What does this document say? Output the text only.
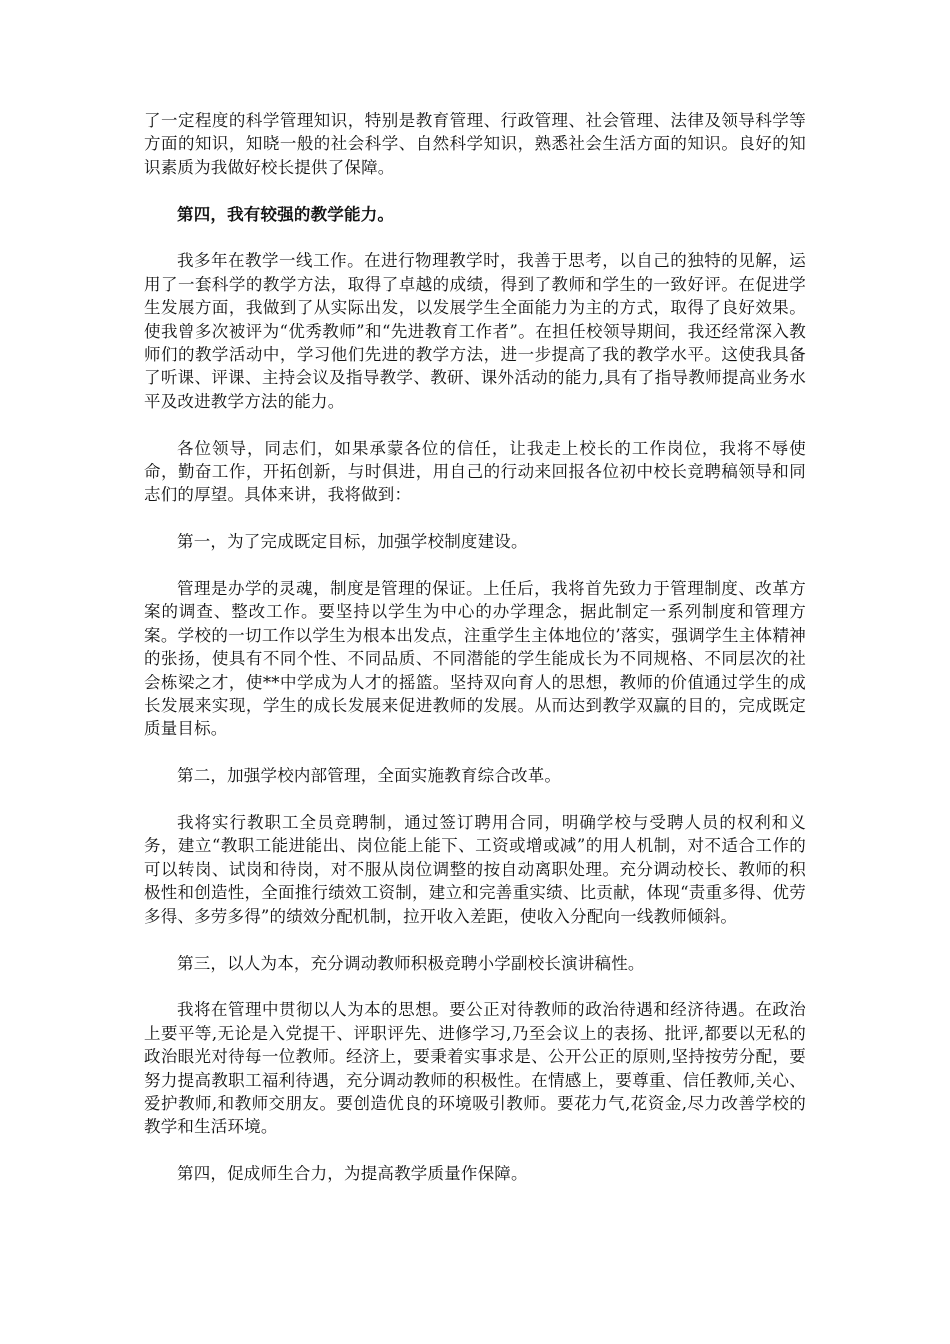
了一定程度的科学管理知识，特别是教育管理、行政管理、社会管理、法律及领导科学等方面的知识，知晓一般的社会科学、自然科学知识，熟悉社会生活方面的知识。良好的知识素质为我做好校长提供了保障。

第四，我有较强的教学能力。

我多年在教学一线工作。在进行物理教学时，我善于思考，以自己的独特的见解，运用了一套科学的教学方法，取得了卓越的成绩，得到了教师和学生的一致好评。在促进学生发展方面，我做到了从实际出发，以发展学生全面能力为主的方式，取得了良好效果。使我曾多次被评为“优秀教师”和“先进教育工作者”。在担任校领导期间，我还经常深入教师们的教学活动中，学习他们先进的教学方法，进一步提高了我的教学水平。这使我具备了听课、评课、主持会议及指导教学、教研、课外活动的能力,具有了指导教师提高业务水平及改进教学方法的能力。

各位领导，同志们，如果承蒙各位的信任，让我走上校长的工作岗位，我将不辱使命，勤奋工作，开拓创新，与时俱进，用自己的行动来回报各位初中校长竞聘稿领导和同志们的厚望。具体来讲，我将做到：

第一，为了完成既定目标，加强学校制度建设。

管理是办学的灵魂，制度是管理的保证。上任后，我将首先致力于管理制度、改革方案的调查、整改工作。要坚持以学生为中心的办学理念，据此制定一系列制度和管理方案。学校的一切工作以学生为根本出发点，注重学生主体地位的’落实，强调学生主体精神的张扬，使具有不同个性、不同品质、不同潜能的学生能成长为不同规格、不同层次的社会栋梁之才，使**中学成为人才的摇篮。坚持双向育人的思想，教师的价值通过学生的成长发展来实现，学生的成长发展来促进教师的发展。从而达到教学双赢的目的，完成既定质量目标。

第二，加强学校内部管理，全面实施教育综合改革。

我将实行教职工全员竞聘制，通过签订聘用合同，明确学校与受聘人员的权利和义务，建立“教职工能进能出、岗位能上能下、工资或增或减”的用人机制，对不适合工作的可以转岗、试岗和待岗，对不服从岗位调整的按自动离职处理。充分调动校长、教师的积极性和创造性，全面推行绩效工资制，建立和完善重实绩、比贡献，体现“责重多得、优劳多得、多劳多得”的绩效分配机制，拉开收入差距，使收入分配向一线教师倾斜。

第三，以人为本，充分调动教师积极竞聘小学副校长演讲稿性。

我将在管理中贯彻以人为本的思想。要公正对待教师的政治待遇和经济待遇。在政治上要平等,无论是入党提干、评职评先、进修学习,乃至会议上的表扬、批评,都要以无私的政治眼光对待每一位教师。经济上，要秉着实事求是、公开公正的原则,坚持按劳分配，要努力提高教职工福利待遇，充分调动教师的积极性。在情感上，要尊重、信任教师,关心、爱护教师,和教师交朋友。要创造优良的环境吸引教师。要花力气,花资金,尽力改善学校的教学和生活环境。

第四，促成师生合力，为提高教学质量作保障。
